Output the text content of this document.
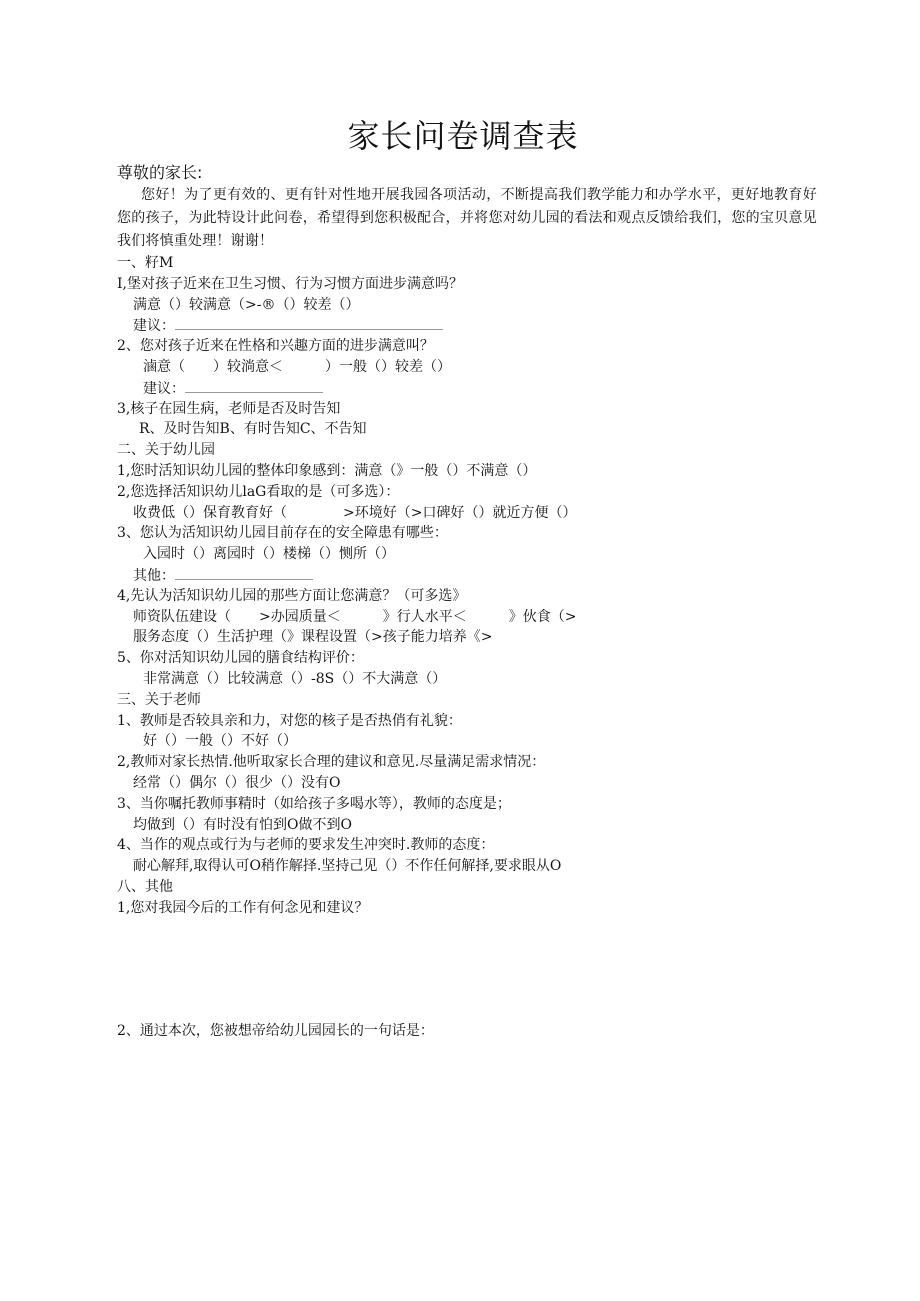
家长问卷调查表
尊敬的家长:
您好！为了更有效的、更有针对性地开展我园各项活动，不断提高我们教学能力和办学水平，更好地教育好您的孩子，为此特设计此问卷，希望得到您积极配合，并将您对幼儿园的看法和观点反馈给我们，您的宝贝意见我们将慎重处理！谢谢！
一、籽M
I,堡对孩子近来在卫生习惯、行为习惯方面进步满意吗？
满意（）较满意（>-®（）较差（）
建议：
2、您对孩子近来在性格和兴趣方面的进步满意叫？
滷意（　　）较淌意＜　　　）一般（）较差（）
建议：
3,核子在园生病，老师是否及时告知
R、及时告知B、有时告知C、不告知
二、关于幼儿园
1,您时活知识幼儿园的整体印象感到：满意（》一般（）不满意（）
2,您选择活知识幼儿laG看取的是（可多选）：
收费低（）保育教育好（　　　　>环境好（>口碑好（）就近方便（）
3、您认为活知识幼儿园目前存在的安全障患有哪些：
入园时（）离园时（）楼梯（）恻所（）
其他：
4,先认为活知识幼儿园的那些方面让您满意？（可多选》
师资队伍建设（　　>办园质量＜　　　》行人水平＜　　　》伙食（>
服务态度（）生活护理（》课程设置（>孩子能力培养《>
5、你对活知识幼儿园的膳食结构评价：
非常满意（）比较满意（）-8S（）不大满意（）
三、关于老师
1、教师是否较具亲和力，对您的核子是否热俏有礼貌：
好（）一般（）不好（）
2,教师对家长热情.他听取家长合理的建议和意见.尽量满足需求情况：
经常（）偶尔（）很少（）没有O
3、当你嘱托教师事精时（如给孩子多喝水等），教师的态度是；
均做到（）有时没有怕到O做不到O
4、当作的观点或行为与老师的要求发生冲突时.教师的态度：
耐心解拜,取得认可O稍作解择.坚持己见（）不作任何解择,要求眼从O
八、其他
1,您对我园今后的工作有何念见和建议？
2、通过本次，您被想帝给幼儿园园长的一句话是：
